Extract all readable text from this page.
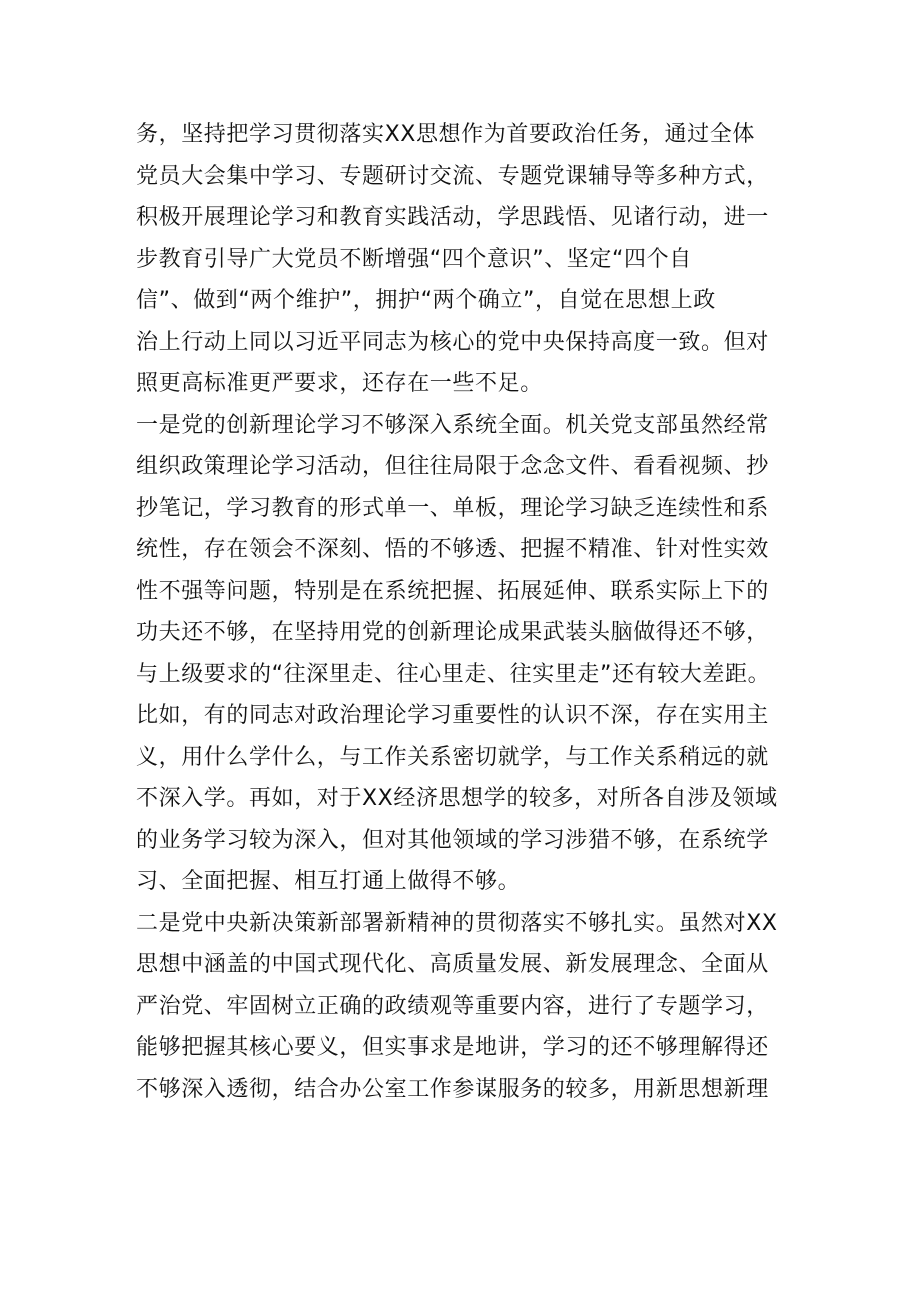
务，坚持把学习贯彻落实XX思想作为首要政治任务，通过全体
党员大会集中学习、专题研讨交流、专题党课辅导等多种方式，
积极开展理论学习和教育实践活动，学思践悟、见诸行动，进一
步教育引导广大党员不断增强“四个意识”、坚定“四个自
信”、做到“两个维护”，拥护“两个确立”，自觉在思想上政
治上行动上同以习近平同志为核心的党中央保持高度一致。但对
照更高标准更严要求，还存在一些不足。
一是党的创新理论学习不够深入系统全面。机关党支部虽然经常
组织政策理论学习活动，但往往局限于念念文件、看看视频、抄
抄笔记，学习教育的形式单一、单板，理论学习缺乏连续性和系
统性，存在领会不深刻、悟的不够透、把握不精准、针对性实效
性不强等问题，特别是在系统把握、拓展延伸、联系实际上下的
功夫还不够，在坚持用党的创新理论成果武装头脑做得还不够，
与上级要求的“往深里走、往心里走、往实里走”还有较大差距。
比如，有的同志对政治理论学习重要性的认识不深，存在实用主
义，用什么学什么，与工作关系密切就学，与工作关系稍远的就
不深入学。再如，对于XX经济思想学的较多，对所各自涉及领域
的业务学习较为深入，但对其他领域的学习涉猎不够，在系统学
习、全面把握、相互打通上做得不够。
二是党中央新决策新部署新精神的贯彻落实不够扎实。虽然对XX
思想中涵盖的中国式现代化、高质量发展、新发展理念、全面从
严治党、牢固树立正确的政绩观等重要内容，进行了专题学习，
能够把握其核心要义，但实事求是地讲，学习的还不够理解得还
不够深入透彻，结合办公室工作参谋服务的较多，用新思想新理
